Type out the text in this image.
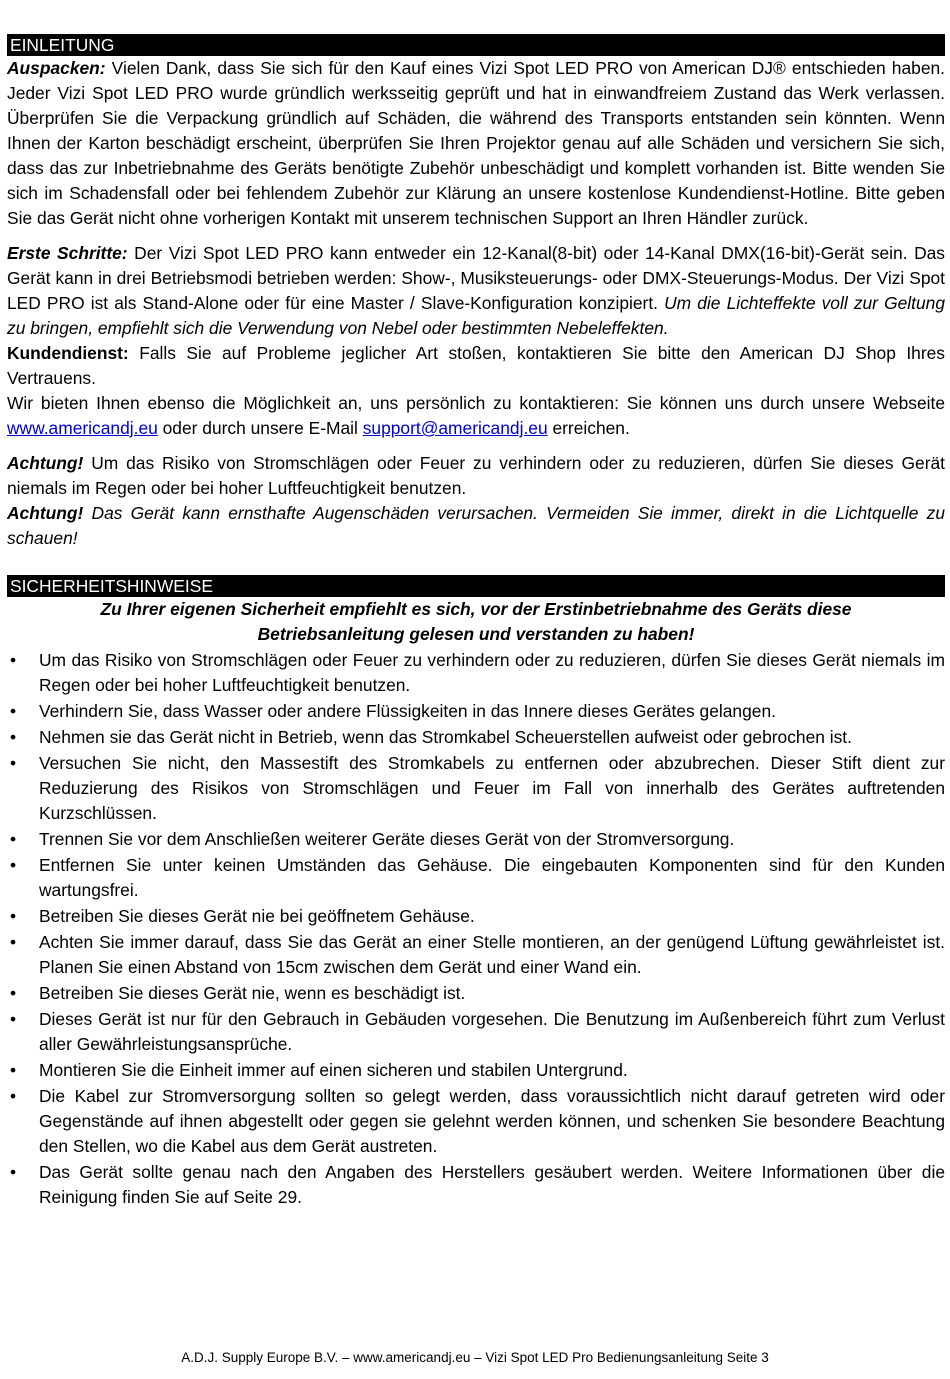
EINLEITUNG

Auspacken: Vielen Dank, dass Sie sich für den Kauf eines Vizi Spot LED PRO von American DJ® entschieden haben. Jeder Vizi Spot LED PRO wurde gründlich werksseitig geprüft und hat in einwandfreiem Zustand das Werk verlassen. Überprüfen Sie die Verpackung gründlich auf Schäden, die während des Transports entstanden sein könnten. Wenn Ihnen der Karton beschädigt erscheint, überprüfen Sie Ihren Projektor genau auf alle Schäden und versichern Sie sich, dass das zur Inbetriebnahme des Geräts benötigte Zubehör unbeschädigt und komplett vorhanden ist. Bitte wenden Sie sich im Schadensfall oder bei fehlendem Zubehör zur Klärung an unsere kostenlose Kundendienst-Hotline. Bitte geben Sie das Gerät nicht ohne vorherigen Kontakt mit unserem technischen Support an Ihren Händler zurück.

Erste Schritte: Der Vizi Spot LED PRO kann entweder ein 12-Kanal(8-bit) oder 14-Kanal DMX(16-bit)-Gerät sein. Das Gerät kann in drei Betriebsmodi betrieben werden: Show-, Musiksteuerungs- oder DMX-Steuerungs-Modus. Der Vizi Spot LED PRO ist als Stand-Alone oder für eine Master / Slave-Konfiguration konzipiert. Um die Lichteffekte voll zur Geltung zu bringen, empfiehlt sich die Verwendung von Nebel oder bestimmten Nebeleffekten.

Kundendienst: Falls Sie auf Probleme jeglicher Art stoßen, kontaktieren Sie bitte den American DJ Shop Ihres Vertrauens.

Wir bieten Ihnen ebenso die Möglichkeit an, uns persönlich zu kontaktieren: Sie können uns durch unsere Webseite www.americandj.eu oder durch unsere E-Mail support@americandj.eu erreichen.

Achtung! Um das Risiko von Stromschlägen oder Feuer zu verhindern oder zu reduzieren, dürfen Sie dieses Gerät niemals im Regen oder bei hoher Luftfeuchtigkeit benutzen.

Achtung! Das Gerät kann ernsthafte Augenschäden verursachen. Vermeiden Sie immer, direkt in die Lichtquelle zu schauen!

SICHERHEITSHINWEISE

Zu Ihrer eigenen Sicherheit empfiehlt es sich, vor der Erstinbetriebnahme des Geräts diese
Betriebsanleitung gelesen und verstanden zu haben!

• Um das Risiko von Stromschlägen oder Feuer zu verhindern oder zu reduzieren, dürfen Sie dieses Gerät niemals im Regen oder bei hoher Luftfeuchtigkeit benutzen.
• Verhindern Sie, dass Wasser oder andere Flüssigkeiten in das Innere dieses Gerätes gelangen.
• Nehmen sie das Gerät nicht in Betrieb, wenn das Stromkabel Scheuerstellen aufweist oder gebrochen ist.
• Versuchen Sie nicht, den Massestift des Stromkabels zu entfernen oder abzubrechen. Dieser Stift dient zur Reduzierung des Risikos von Stromschlägen und Feuer im Fall von innerhalb des Gerätes auftretenden Kurzschlüssen.
• Trennen Sie vor dem Anschließen weiterer Geräte dieses Gerät von der Stromversorgung.
• Entfernen Sie unter keinen Umständen das Gehäuse. Die eingebauten Komponenten sind für den Kunden wartungsfrei.
• Betreiben Sie dieses Gerät nie bei geöffnetem Gehäuse.
• Achten Sie immer darauf, dass Sie das Gerät an einer Stelle montieren, an der genügend Lüftung gewährleistet ist. Planen Sie einen Abstand von 15cm zwischen dem Gerät und einer Wand ein.
• Betreiben Sie dieses Gerät nie, wenn es beschädigt ist.
• Dieses Gerät ist nur für den Gebrauch in Gebäuden vorgesehen. Die Benutzung im Außenbereich führt zum Verlust aller Gewährleistungsansprüche.
• Montieren Sie die Einheit immer auf einen sicheren und stabilen Untergrund.
• Die Kabel zur Stromversorgung sollten so gelegt werden, dass voraussichtlich nicht darauf getreten wird oder Gegenstände auf ihnen abgestellt oder gegen sie gelehnt werden können, und schenken Sie besondere Beachtung den Stellen, wo die Kabel aus dem Gerät austreten.
• Das Gerät sollte genau nach den Angaben des Herstellers gesäubert werden. Weitere Informationen über die Reinigung finden Sie auf Seite 29.
A.D.J. Supply Europe B.V. – www.americandj.eu – Vizi Spot LED Pro Bedienungsanleitung Seite 3
